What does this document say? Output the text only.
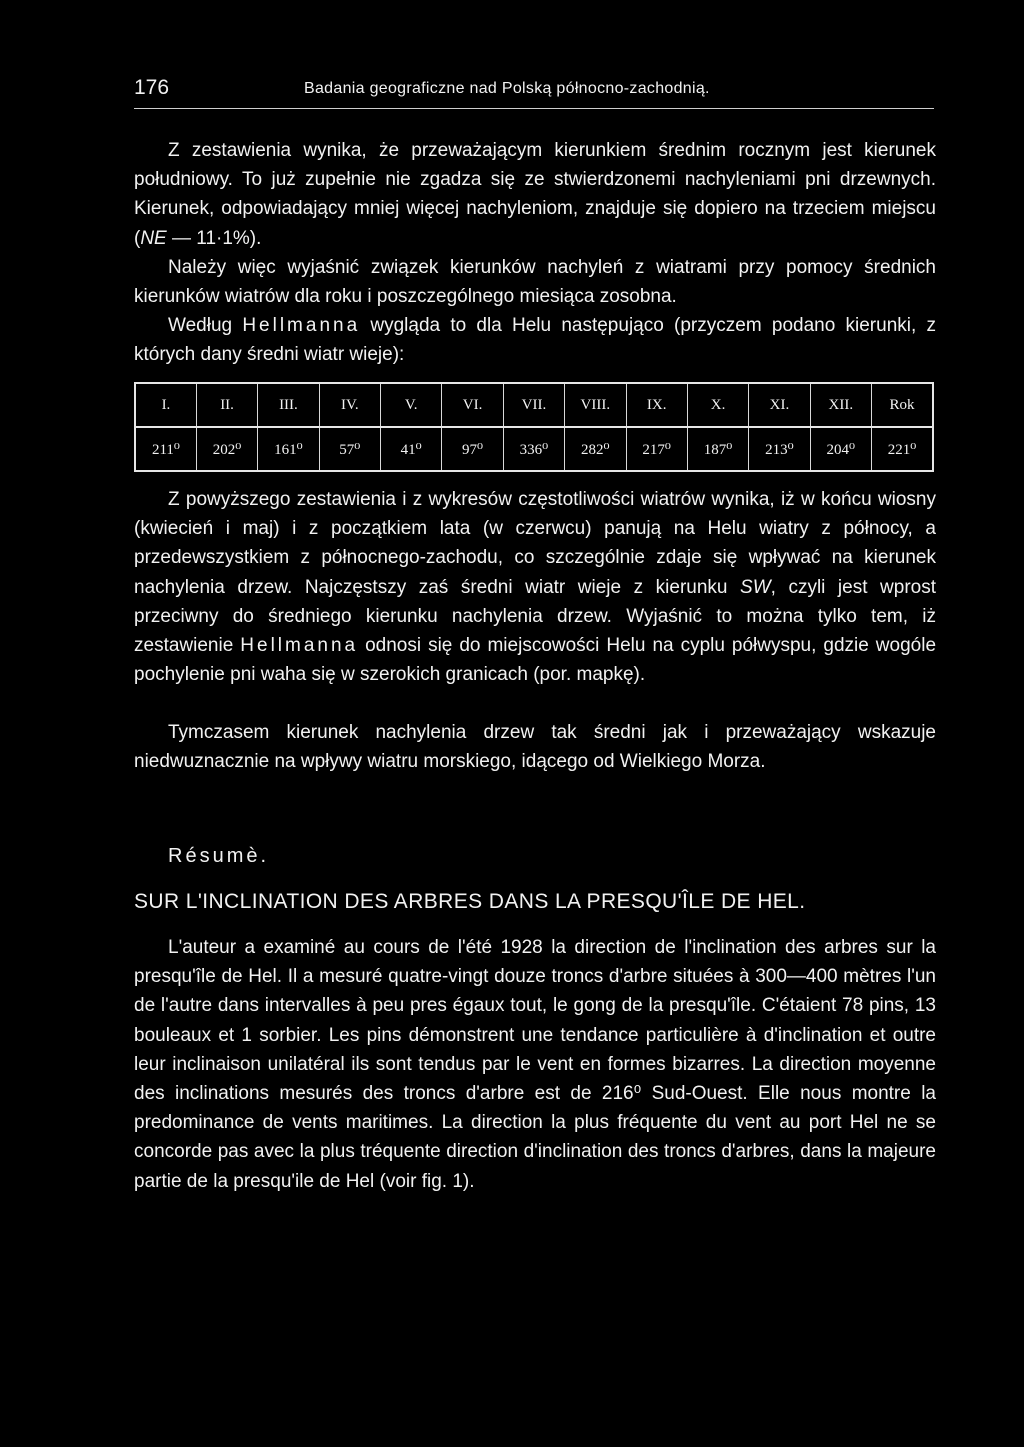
176	Badania geograficzne nad Polską północno-zachodnią.

Z zestawienia wynika, że przeważającym kierunkiem średnim rocznym jest kierunek południowy. To już zupełnie nie zgadza się ze stwierdzonemi nachyleniami pni drzewnych. Kierunek, odpowiadający mniej więcej nachyleniom, znajduje się dopiero na trzeciem miejscu (NE — 11·1%).

Należy więc wyjaśnić związek kierunków nachyleń z wiatrami przy pomocy średnich kierunków wiatrów dla roku i poszczególnego miesiąca zosobna.

Według Hellmanna wygląda to dla Helu następująco (przyczem podano kierunki, z których dany średni wiatr wieje):

I.	II.	III.	IV.	V.	VI.	VII.	VIII.	IX.	X.	XI.	XII.	Rok
211⁰	202⁰	161⁰	57⁰	41⁰	97⁰	336⁰	282⁰	217⁰	187⁰	213⁰	204⁰	221⁰

Z powyższego zestawienia i z wykresów częstotliwości wiatrów wynika, iż w końcu wiosny (kwiecień i maj) i z początkiem lata (w czerwcu) panują na Helu wiatry z północy, a przedewszystkiem z północnego-zachodu, co szczególnie zdaje się wpływać na kierunek nachylenia drzew. Najczęstszy zaś średni wiatr wieje z kierunku SW, czyli jest wprost przeciwny do średniego kierunku nachylenia drzew. Wyjaśnić to można tylko tem, iż zestawienie Hellmanna odnosi się do miejscowości Helu na cyplu półwyspu, gdzie wogóle pochylenie pni waha się w szerokich granicach (por. mapkę).

Tymczasem kierunek nachylenia drzew tak średni jak i przeważający wskazuje niedwuznacznie na wpływy wiatru morskiego, idącego od Wielkiego Morza.

Résumè.
SUR L'INCLINATION DES ARBRES DANS LA PRESQU'ÎLE DE HEL.

L'auteur a examiné au cours de l'été 1928 la direction de l'inclination des arbres sur la presqu'île de Hel. Il a mesuré quatre-vingt douze troncs d'arbre situées à 300—400 mètres l'un de l'autre dans intervalles à peu pres égaux tout, le gong de la presqu'île. C'étaient 78 pins, 13 bouleaux et 1 sorbier. Les pins démonstrent une tendance particulière à d'inclination et outre leur inclinaison unilatéral ils sont tendus par le vent en formes bizarres. La direction moyenne des inclinations mesurés des troncs d'arbre est de 216⁰ Sud-Ouest. Elle nous montre la predominance de vents maritimes. La direction la plus fréquente du vent au port Hel ne se concorde pas avec la plus tréquente direction d'inclination des troncs d'arbres, dans la majeure partie de la presqu'ile de Hel (voir fig. 1).
